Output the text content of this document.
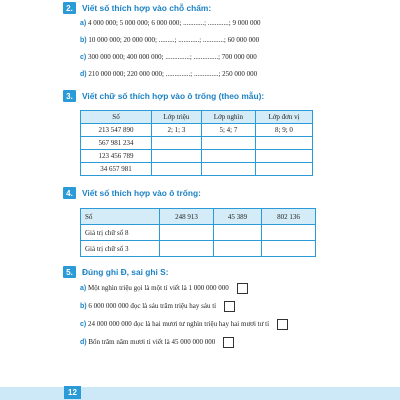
2.	Viết số thích hợp vào chỗ chấm:
a) 4 000 000; 5 000 000; 6 000 000; ............; ............; 9 000 000
b) 10 000 000; 20 000 000; .........; ............; ............; 60 000 000
c) 300 000 000; 400 000 000; ..............; ..............; 700 000 000
d) 210 000 000; 220 000 000; ..............; ..............; 250 000 000
3.	Viết chữ số thích hợp vào ô trống (theo mẫu):
Số	Lớp triệu	Lớp nghìn	Lớp đơn vị
213 547 890	2; 1; 3	5; 4; 7	8; 9; 0
567 981 234			
123 456 789			
34 657 981			
4.	Viết số thích hợp vào ô trống:
Số	248 913	45 389	802 136
Giá trị chữ số 8			
Giá trị chữ số 3			
5.	Đúng ghi Đ, sai ghi S:
a) Một nghìn triệu gọi là một tỉ viết là 1 000 000 000
b) 6 000 000 000 đọc là sáu trăm triệu hay sáu tỉ
c) 24 000 000 000 đọc là hai mươi tư nghìn triệu hay hai mươi tư tỉ
d) Bốn trăm năm mươi tỉ viết là 45 000 000 000
12
